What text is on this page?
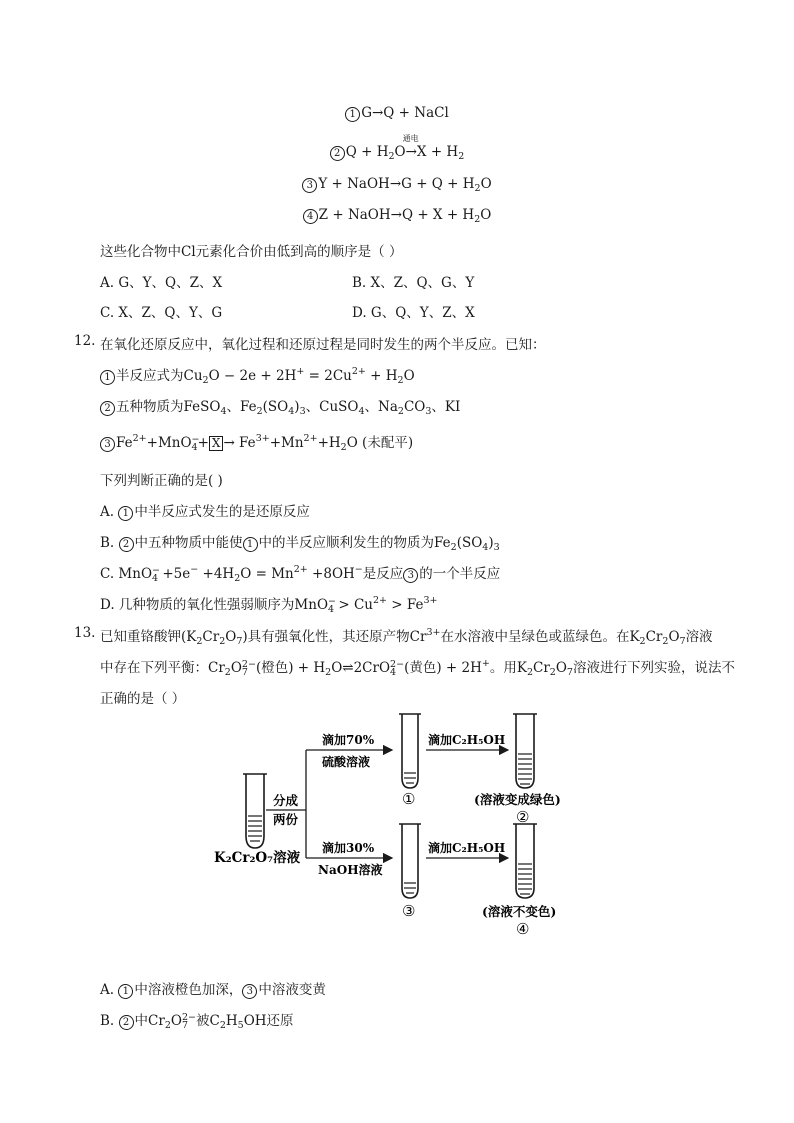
1 G→Q + NaCl
2 $Q + H_2O$
通电
$\to X + H_2$
3 Y + NaOH→G + $Q + H_2O$
4 Z + NaOH→Q + $X + H_2O$
这些化合物中Cl元素化合价由低到高的顺序是（ ）
A. G、Y、Q、Z、X	B. X、Z、Q、G、Y
C. X、Z、Q、Y、G	D. G、Q、Y、Z、X
12. 在氧化还原反应中，氧化过程和还原过程是同时发生的两个半反应。已知：
1 半反应式为$Cu_2O - 2e + 2H^+ = 2Cu^{2+} + H_2O$
2 五种物质为FeSO$_4$、$Fe_2(SO_4)_3$、CuSO$_4$、$Na_2CO_3$、KI
3 $Fe^{2+}+MnO_4$
−
+ $X \to Fe^{3+}+Mn^{2+}+H_2O$ (未配平)
下列判断正确的是( )
A. 1 中半反应式发生的是还原反应
B. 2 中五种物质中能使 1 中的半反应顺利发生的物质为$Fe_2(SO_4)_3$
C. MnO$_4$
−
$+5e^- +4H_2O = Mn^{2+} +8OH^-$是反应 3 的一个半反应
D. 几种物质的氧化性强弱顺序为MnO$_4$
−
> $Cu^{2+} > Fe^{3+}$
13. 已知重铬酸钾$(K_2Cr_2O_7)$具有强氧化性，其还原产物$Cr^{3+}$在水溶液中呈绿色或蓝绿色。在$K_2Cr_2O_7$溶液
中存在下列平衡：$Cr_2O_7$
2− (橙色) + $H_2O\rightleftharpoons 2CrO_4$
2− (黄色) + 2H+。用$K_2Cr_2O_7$溶液进行下列实验，说法不
正确的是（ ）
K₂Cr₂O₇溶液
分成
两份
滴加70%
硫酸溶液
滴加30%
NaOH溶液
①
③
滴加C₂H₅OH
滴加C₂H₅OH
(溶液变成绿色)
②
(溶液不变色)
④
A. 1 中溶液橙色加深， 3 中溶液变黄
B. 2 中$Cr_2O_7$
2− 被$C_2H_5OH$还原
